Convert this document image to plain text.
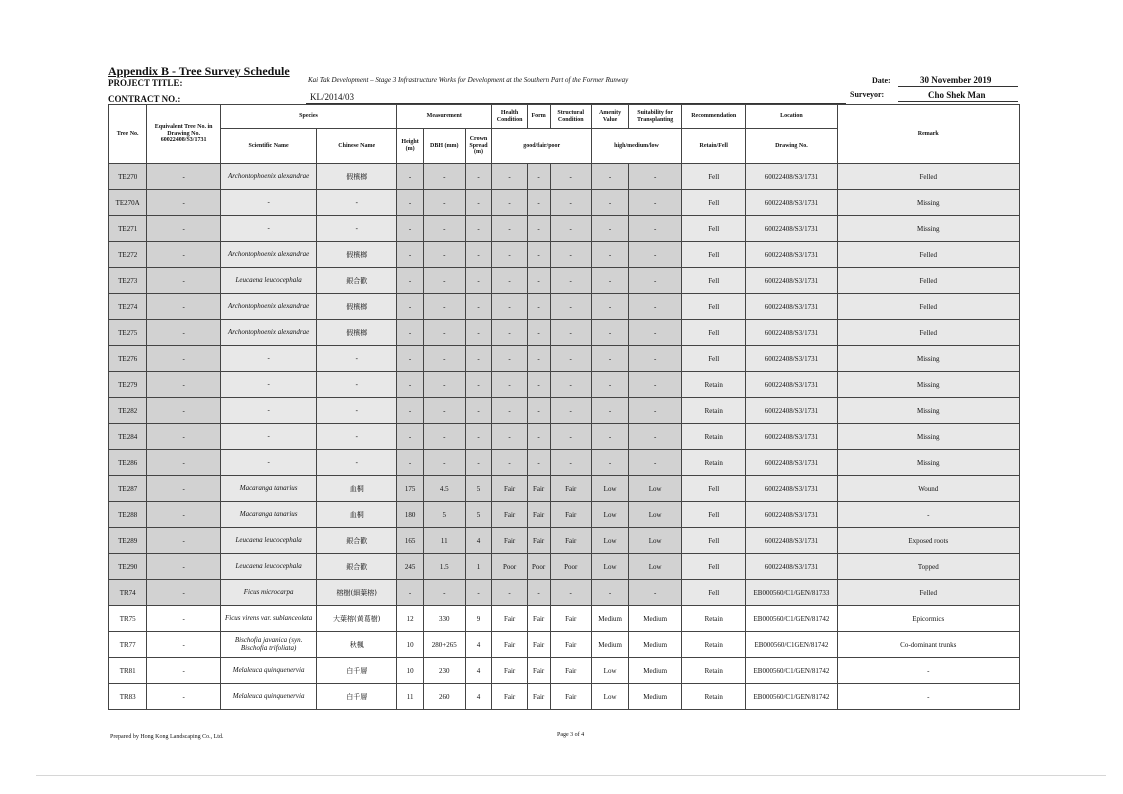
Appendix B - Tree Survey Schedule
PROJECT TITLE:	Kai Tak Development – Stage 3 Infrastructure Works for Development at the Southern Part of the Former Runway
CONTRACT NO.:	KL/2014/03
Date:	30 November 2019
Surveyor:	Cho Shek Man
Tree No.	Equivalent Tree No. in Drawing No. 60022408/S3/1731	Species		Measurement			Health Condition	Form	Structural Condition	Amenity Value	Suitability for Transplanting	Recommendation	Location	Remark
		Scientific Name	Chinese Name	Height (m)	DBH (mm)	Crown Spread (m)	good/fair/poor			high/medium/low		Retain/Fell	Drawing No.	
TE270	-	Archontophoenix alexandrae	假檳榔	-	-	-	-	-	-	-	-	Fell	60022408/S3/1731	Felled
TE270A	-	-	-	-	-	-	-	-	-	-	-	Fell	60022408/S3/1731	Missing
TE271	-	-	-	-	-	-	-	-	-	-	-	Fell	60022408/S3/1731	Missing
TE272	-	Archontophoenix alexandrae	假檳榔	-	-	-	-	-	-	-	-	Fell	60022408/S3/1731	Felled
TE273	-	Leucaena leucocephala	銀合歡	-	-	-	-	-	-	-	-	Fell	60022408/S3/1731	Felled
TE274	-	Archontophoenix alexandrae	假檳榔	-	-	-	-	-	-	-	-	Fell	60022408/S3/1731	Felled
TE275	-	Archontophoenix alexandrae	假檳榔	-	-	-	-	-	-	-	-	Fell	60022408/S3/1731	Felled
TE276	-	-	-	-	-	-	-	-	-	-	-	Fell	60022408/S3/1731	Missing
TE279	-	-	-	-	-	-	-	-	-	-	-	Retain	60022408/S3/1731	Missing
TE282	-	-	-	-	-	-	-	-	-	-	-	Retain	60022408/S3/1731	Missing
TE284	-	-	-	-	-	-	-	-	-	-	-	Retain	60022408/S3/1731	Missing
TE286	-	-	-	-	-	-	-	-	-	-	-	Retain	60022408/S3/1731	Missing
TE287	-	Macaranga tanarius	血桐	175	4.5	5	Fair	Fair	Fair	Low	Low	Fell	60022408/S3/1731	Wound
TE288	-	Macaranga tanarius	血桐	180	5	5	Fair	Fair	Fair	Low	Low	Fell	60022408/S3/1731	-
TE289	-	Leucaena leucocephala	銀合歡	165	11	4	Fair	Fair	Fair	Low	Low	Fell	60022408/S3/1731	Exposed roots
TE290	-	Leucaena leucocephala	銀合歡	245	1.5	1	Poor	Poor	Poor	Low	Low	Fell	60022408/S3/1731	Topped
TR74	-	Ficus microcarpa	榕樹(細葉榕)	-	-	-	-	-	-	-	-	Fell	EB000560/C1/GEN/81733	Felled
TR75	-	Ficus virens var. sublanceolata	大葉榕(黄葛樹)	12	330	9	Fair	Fair	Fair	Medium	Medium	Retain	EB000560/C1/GEN/81742	Epicormics
TR77	-	Bischofia javanica (syn. Bischofia trifoliata)	秋楓	10	280+265	4	Fair	Fair	Fair	Medium	Medium	Retain	EB000560/C1GEN/81742	Co-dominant trunks
TR81	-	Melaleuca quinquenervia	白千層	10	230	4	Fair	Fair	Fair	Low	Medium	Retain	EB000560/C1/GEN/81742	-
TR83	-	Melaleuca quinquenervia	白千層	11	260	4	Fair	Fair	Fair	Low	Medium	Retain	EB000560/C1/GEN/81742	-
Prepared by Hong Kong Landscaping Co., Ltd.	Page 3 of 4
